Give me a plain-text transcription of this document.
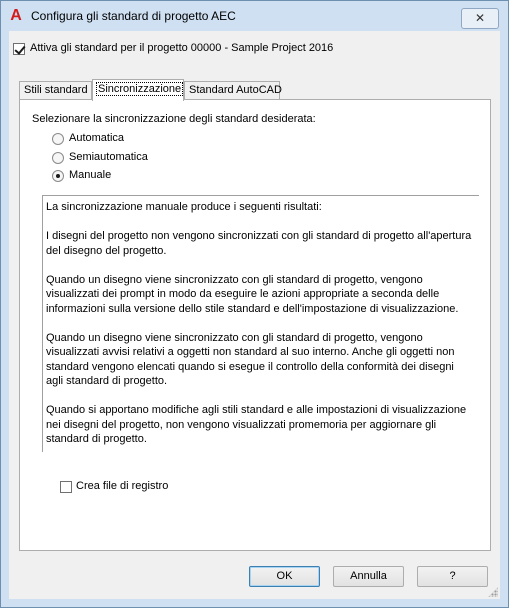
A Configura gli standard di progetto AEC	✕
Attiva gli standard per il progetto 00000 - Sample Project 2016
Stili standard Sincronizzazione Standard AutoCAD
Selezionare la sincronizzazione degli standard desiderata:
Automatica
Semiautomatica
Manuale

La sincronizzazione manuale produce i seguenti risultati:

I disegni del progetto non vengono sincronizzati con gli standard di progetto all'apertura del disegno del progetto.

Quando un disegno viene sincronizzato con gli standard di progetto, vengono visualizzati dei prompt in modo da eseguire le azioni appropriate a seconda delle informazioni sulla versione dello stile standard e dell'impostazione di visualizzazione.

Quando un disegno viene sincronizzato con gli standard di progetto, vengono visualizzati avvisi relativi a oggetti non standard al suo interno. Anche gli oggetti non standard vengono elencati quando si esegue il controllo della conformità dei disegni agli standard di progetto.

Quando si apportano modifiche agli stili standard e alle impostazioni di visualizzazione nei disegni del progetto, non vengono visualizzati promemoria per aggiornare gli standard di progetto.

Crea file di registro
OK	Annulla	?
